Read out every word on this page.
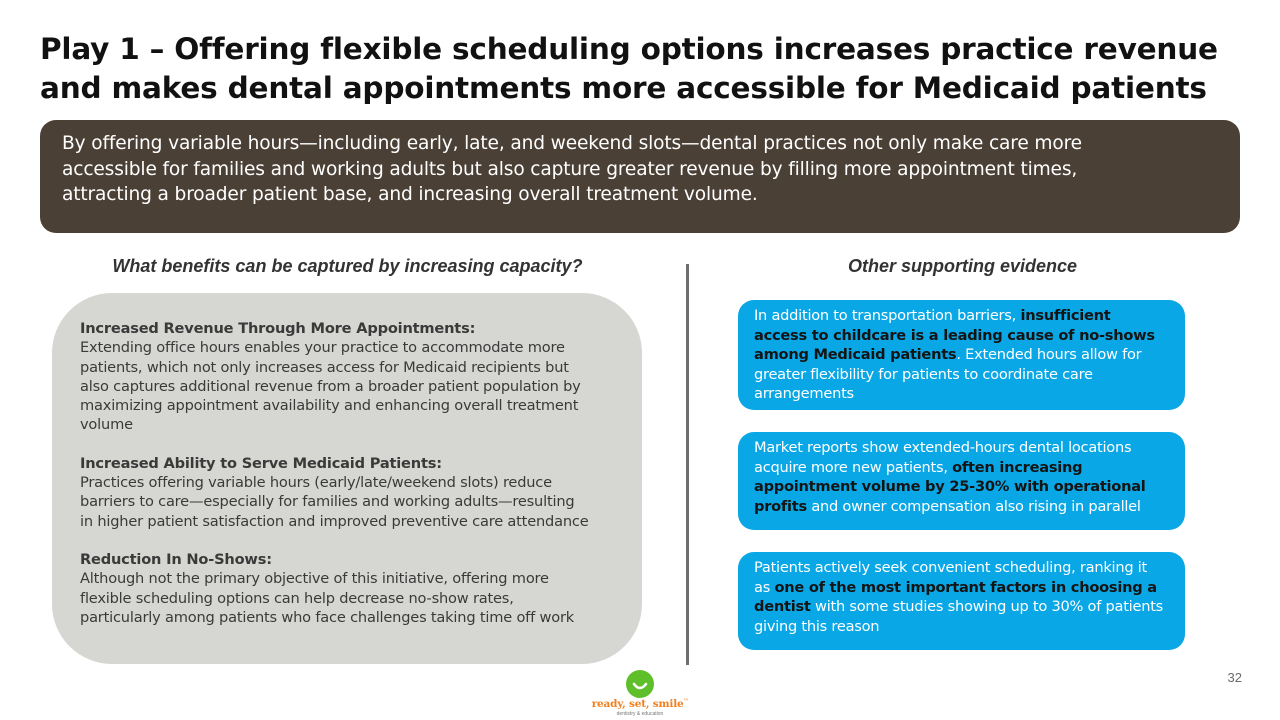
Play 1 – Offering flexible scheduling options increases practice revenue
and makes dental appointments more accessible for Medicaid patients
By offering variable hours—including early, late, and weekend slots—dental practices not only make care more
accessible for families and working adults but also capture greater revenue by filling more appointment times,
attracting a broader patient base, and increasing overall treatment volume.
What benefits can be captured by increasing capacity?	Other supporting evidence
Increased Revenue Through More Appointments:
Extending office hours enables your practice to accommodate more
patients, which not only increases access for Medicaid recipients but
also captures additional revenue from a broader patient population by
maximizing appointment availability and enhancing overall treatment
volume
Increased Ability to Serve Medicaid Patients:
Practices offering variable hours (early/late/weekend slots) reduce
barriers to care—especially for families and working adults—resulting
in higher patient satisfaction and improved preventive care attendance
Reduction In No-Shows:
Although not the primary objective of this initiative, offering more
flexible scheduling options can help decrease no-show rates,
particularly among patients who face challenges taking time off work
In addition to transportation barriers, insufficient
access to childcare is a leading cause of no-shows
among Medicaid patients. Extended hours allow for
greater flexibility for patients to coordinate care
arrangements
Market reports show extended-hours dental locations
acquire more new patients, often increasing
appointment volume by 25-30% with operational
profits and owner compensation also rising in parallel
Patients actively seek convenient scheduling, ranking it
as one of the most important factors in choosing a
dentist with some studies showing up to 30% of patients
giving this reason
ready, set, smile™
dentistry & education
32
